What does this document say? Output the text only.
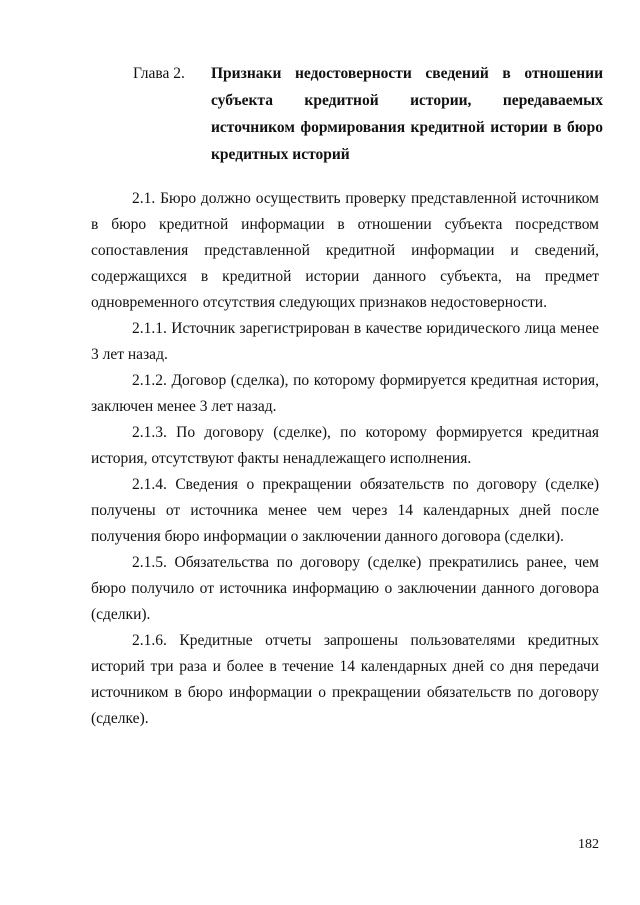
Глава 2. Признаки недостоверности сведений в отношении субъекта кредитной истории, передаваемых источником формирования кредитной истории в бюро кредитных историй

2.1. Бюро должно осуществить проверку представленной источником в бюро кредитной информации в отношении субъекта посредством сопоставления представленной кредитной информации и сведений, содержащихся в кредитной истории данного субъекта, на предмет одновременного отсутствия следующих признаков недостоверности.

2.1.1. Источник зарегистрирован в качестве юридического лица менее 3 лет назад.

2.1.2. Договор (сделка), по которому формируется кредитная история, заключен менее 3 лет назад.

2.1.3. По договору (сделке), по которому формируется кредитная история, отсутствуют факты ненадлежащего исполнения.

2.1.4. Сведения о прекращении обязательств по договору (сделке) получены от источника менее чем через 14 календарных дней после получения бюро информации о заключении данного договора (сделки).

2.1.5. Обязательства по договору (сделке) прекратились ранее, чем бюро получило от источника информацию о заключении данного договора (сделки).

2.1.6. Кредитные отчеты запрошены пользователями кредитных историй три раза и более в течение 14 календарных дней со дня передачи источником в бюро информации о прекращении обязательств по договору (сделке).

182
